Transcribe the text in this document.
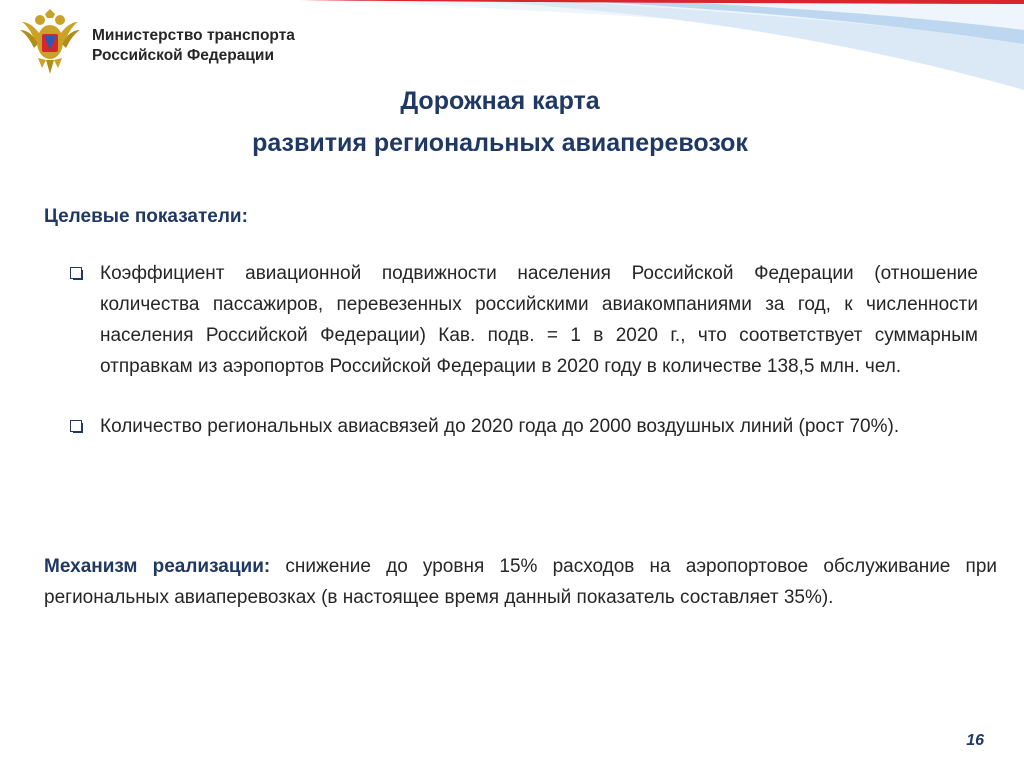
Министерство транспорта
Российской Федерации
Дорожная карта
развития региональных авиаперевозок
Целевые показатели:
Коэффициент авиационной подвижности населения Российской Федерации (отношение количества пассажиров, перевезенных российскими авиакомпаниями за год, к численности населения Российской Федерации) Кав. подв. = 1 в 2020 г., что соответствует суммарным отправкам из аэропортов Российской Федерации в 2020 году в количестве 138,5 млн. чел.
Количество региональных авиасвязей до 2020 года до 2000 воздушных линий (рост 70%).
Механизм реализации: снижение до уровня 15% расходов на аэропортовое обслуживание при региональных авиаперевозках (в настоящее время данный показатель составляет 35%).
16
